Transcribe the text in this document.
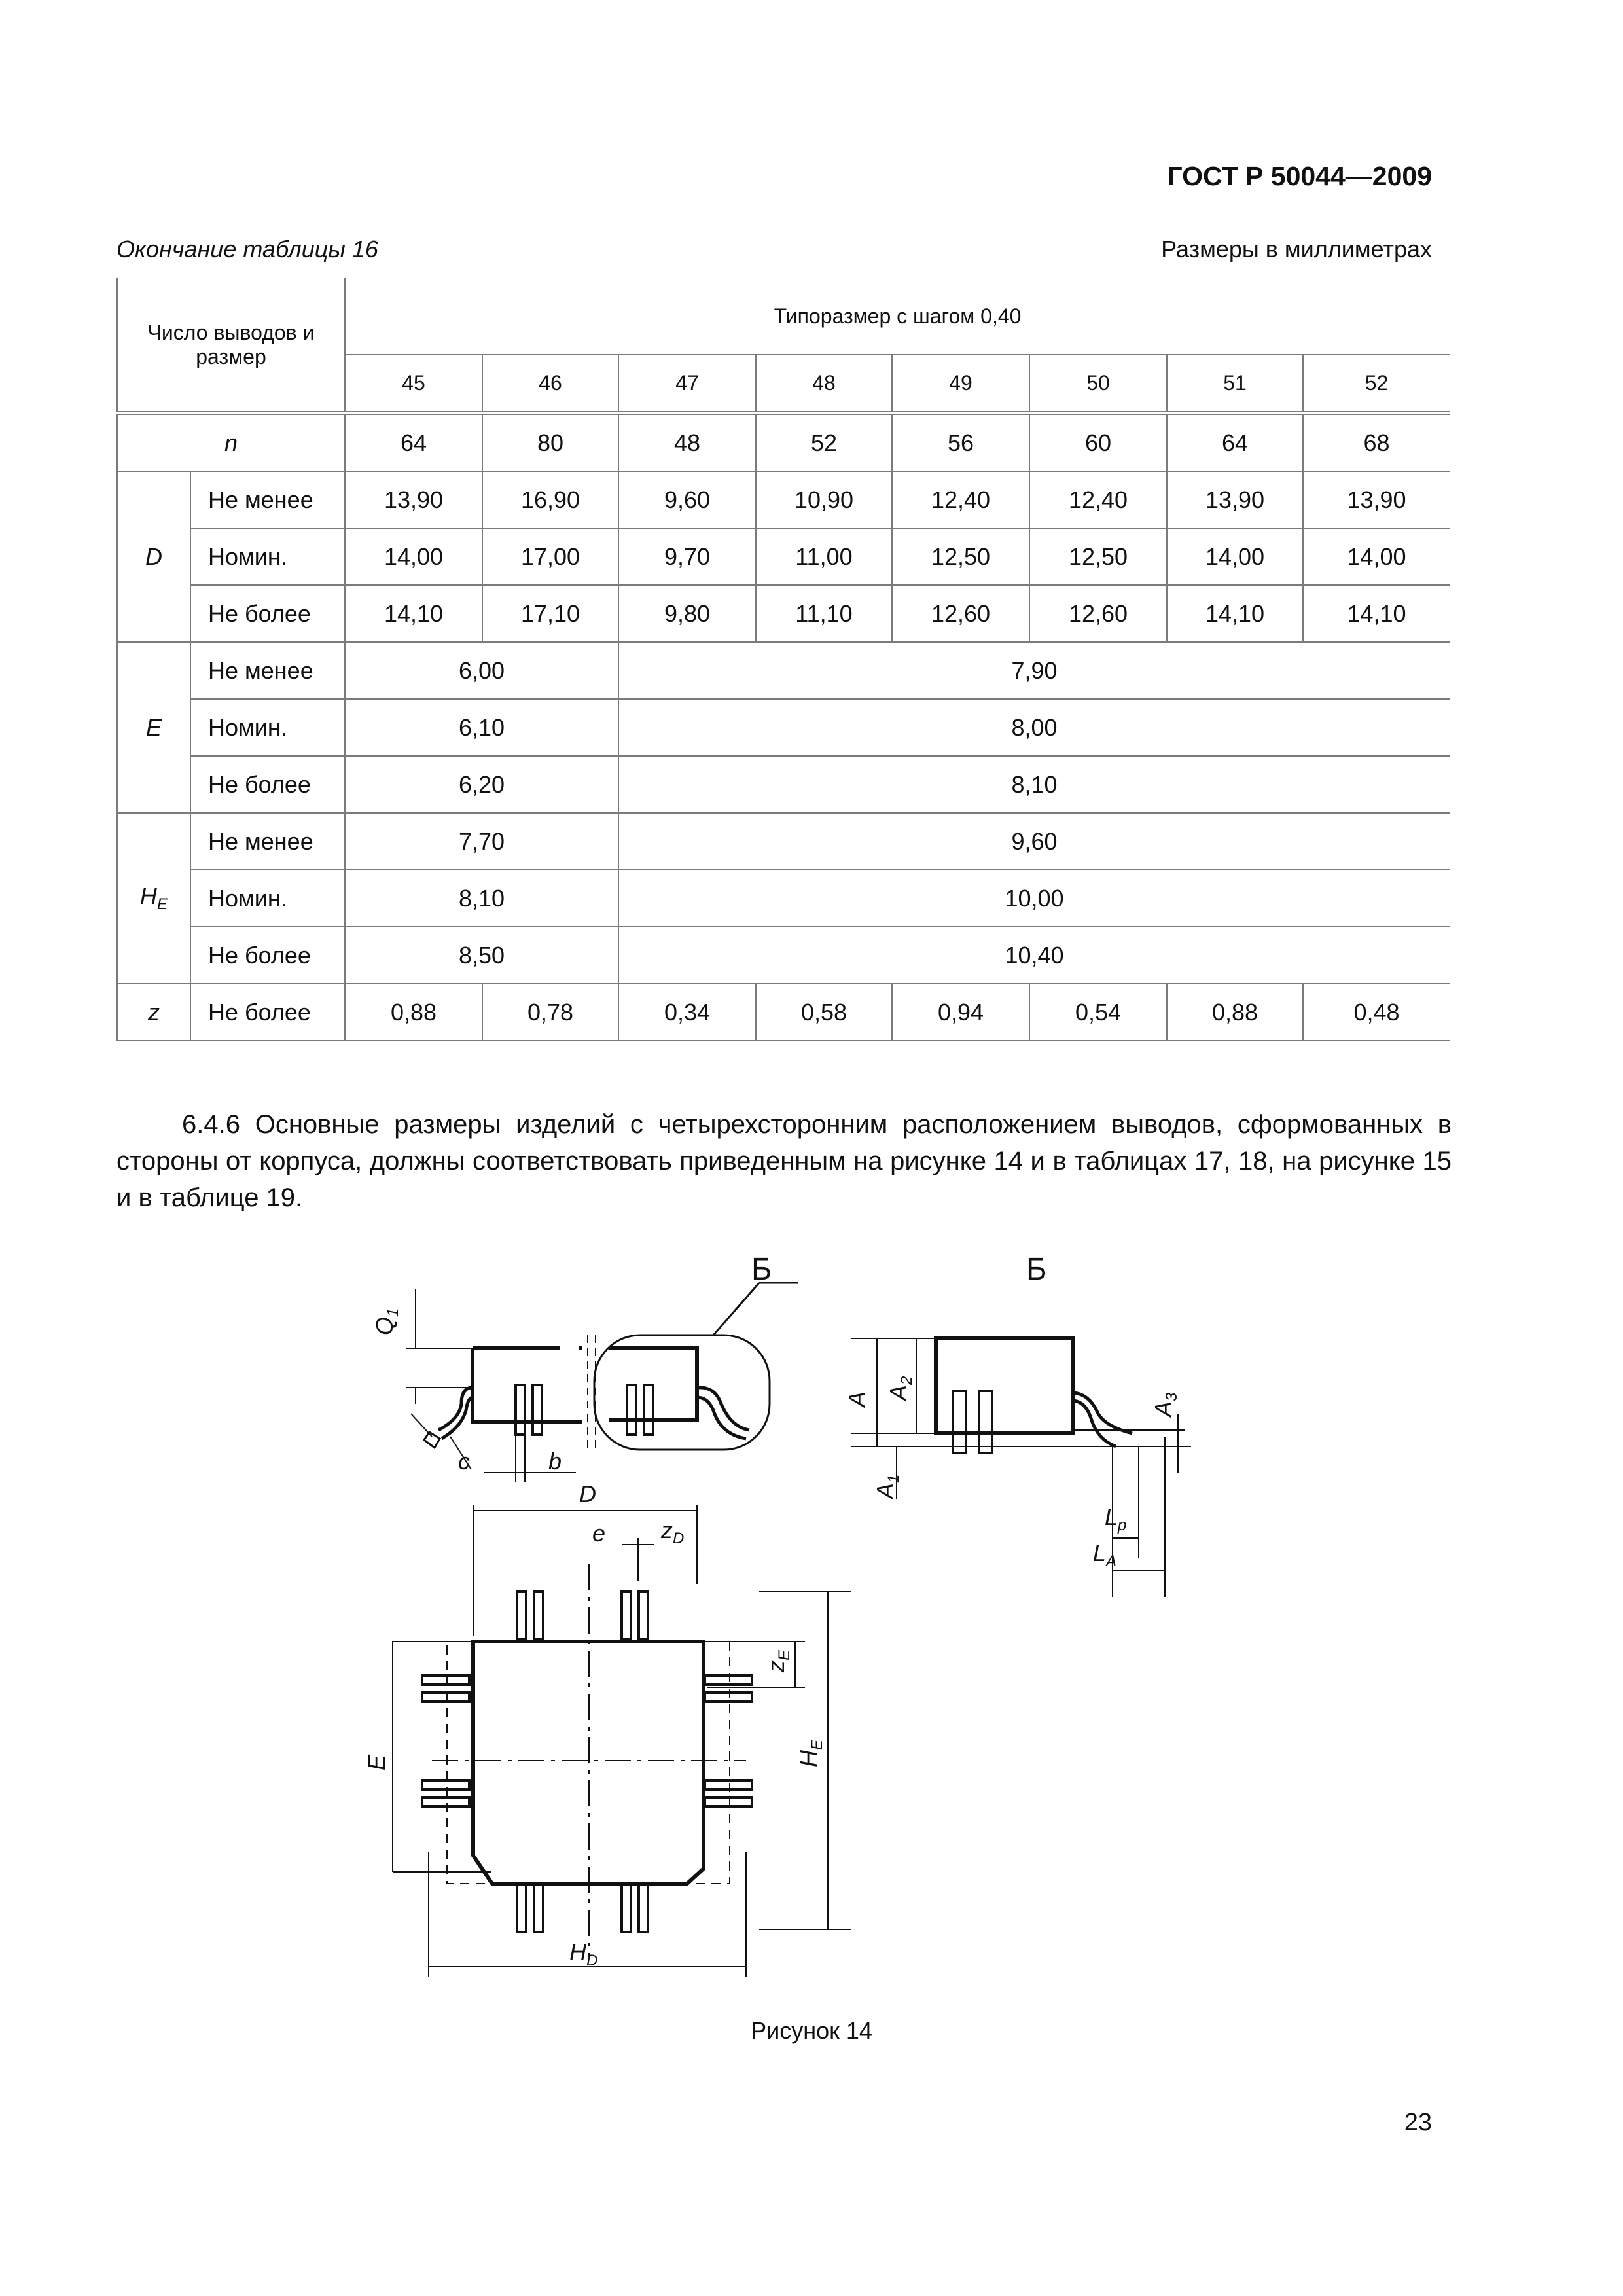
ГОСТ Р 50044—2009
Окончание таблицы 16	Размеры в миллиметрах
Число выводов и размер		Типоразмер с шагом 0,40							
		45	46	47	48	49	50	51	52
n		64	80	48	52	56	60	64	68
D	Не менее	13,90	16,90	9,60	10,90	12,40	12,40	13,90	13,90
	Номин.	14,00	17,00	9,70	11,00	12,50	12,50	14,00	14,00
	Не более	14,10	17,10	9,80	11,10	12,60	12,60	14,10	14,10
E	Не менее	6,00		7,90					
	Номин.	6,10		8,00					
	Не более	6,20		8,10					
$H_E$	Не менее	7,70		9,60					
	Номин.	8,10		10,00					
	Не более	8,50		10,40					
z	Не более	0,88	0,78	0,34	0,58	0,94	0,54	0,88	0,48
6.4.6 Основные размеры изделий с четырехсторонним расположением выводов, сформованных в стороны от корпуса, должны соответствовать приведенным на рисунке 14 и в таблицах 17, 18, на рисунке 15 и в таблице 19.
Б	Б
$Q_1$
c	b
D
e $z_D$
$z_E$
E	$H_E$
$H_D$
A $A_2$
$A_1$
$A_3$
$L_p$
$L_A$
Рисунок 14
23
